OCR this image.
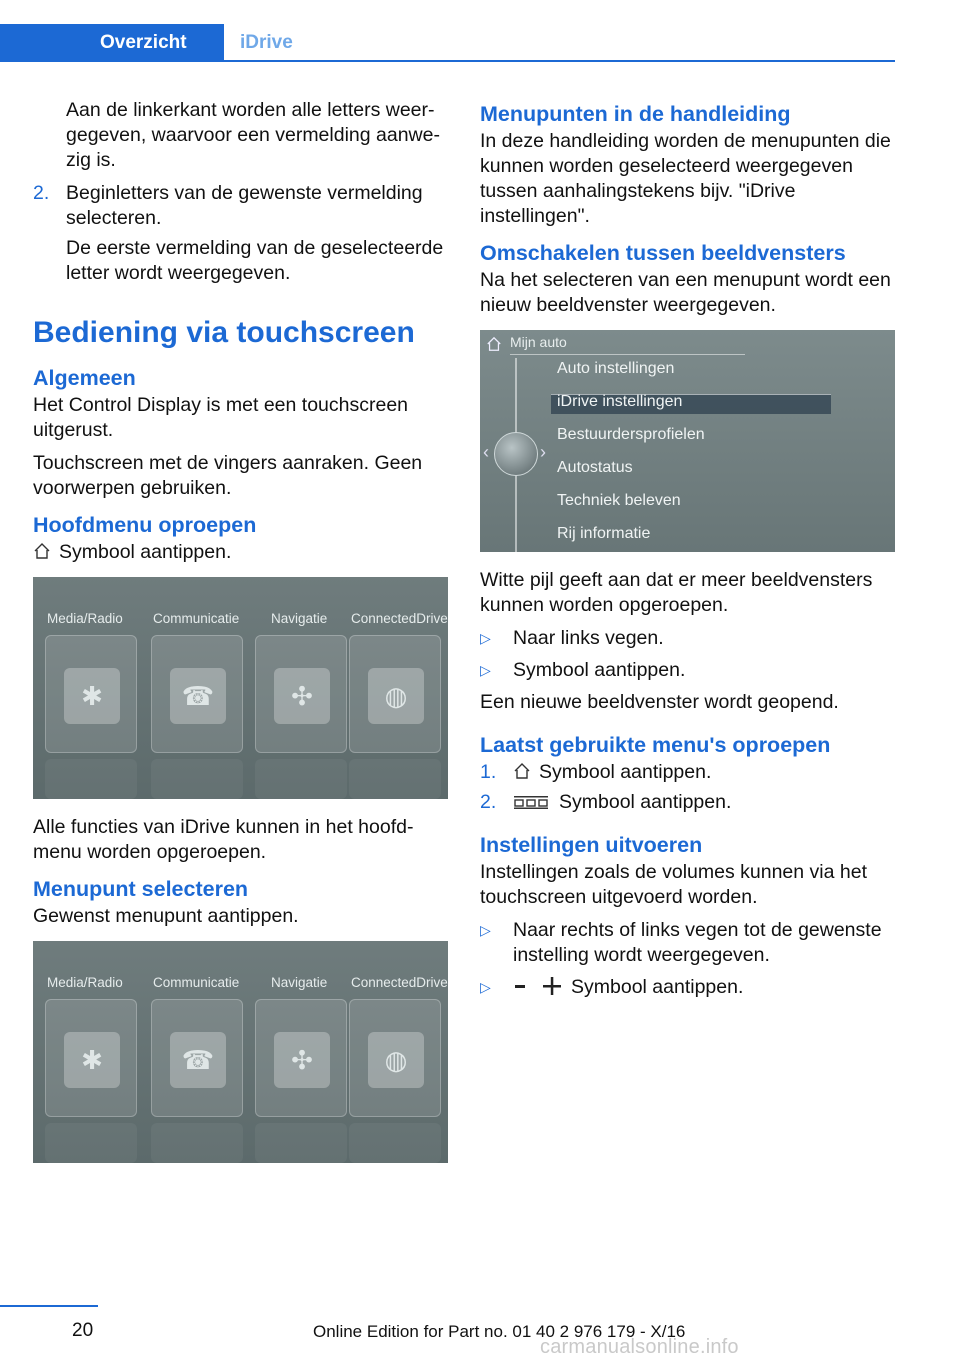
Overzicht	iDrive

Aan de linkerkant worden alle letters weergegeven, waarvoor een vermelding aanwezig is.

2. Beginletters van de gewenste vermelding selecteren.

De eerste vermelding van de geselecteerde letter wordt weergegeven.

Bediening via touchscreen
Algemeen

Het Control Display is met een touchscreen uitgerust.

Touchscreen met de vingers aanraken. Geen voorwerpen gebruiken.

Hoofdmenu oproepen

Symbool aantippen.

Media/Radio Communicatie Navigatie ConnectedDrive
✱	☎	✣	◍

Alle functies van iDrive kunnen in het hoofdmenu worden opgeroepen.

Menupunt selecteren

Gewenst menupunt aantippen.

Media/Radio Communicatie Navigatie ConnectedDrive
✱	☎	✣	◍
Menupunten in de handleiding

In deze handleiding worden de menupunten die kunnen worden geselecteerd weergegeven tussen aanhalingstekens bijv. "iDrive instellingen".

Omschakelen tussen beeldvensters

Na het selecteren van een menupunt wordt een nieuw beeldvenster weergegeven.

Mijn auto
Auto instellingen
iDrive instellingen
Bestuurdersprofielen
Autostatus
Techniek beleven
Rij informatie
‹	›

Witte pijl geeft aan dat er meer beeldvensters kunnen worden opgeroepen.

▷	Naar links vegen.
▷	Symbool aantippen.

Een nieuwe beeldvenster wordt geopend.

Laatst gebruikte menu's oproepen
1.	Symbool aantippen.
2.	Symbool aantippen.
Instellingen uitvoeren

Instellingen zoals de volumes kunnen via het touchscreen uitgevoerd worden.

▷	Naar rechts of links vegen tot de gewenste instelling wordt weergegeven.
▷	Symbool aantippen.
20	Online Edition for Part no. 01 40 2 976 179 - X/16
carmanualsonline.info
